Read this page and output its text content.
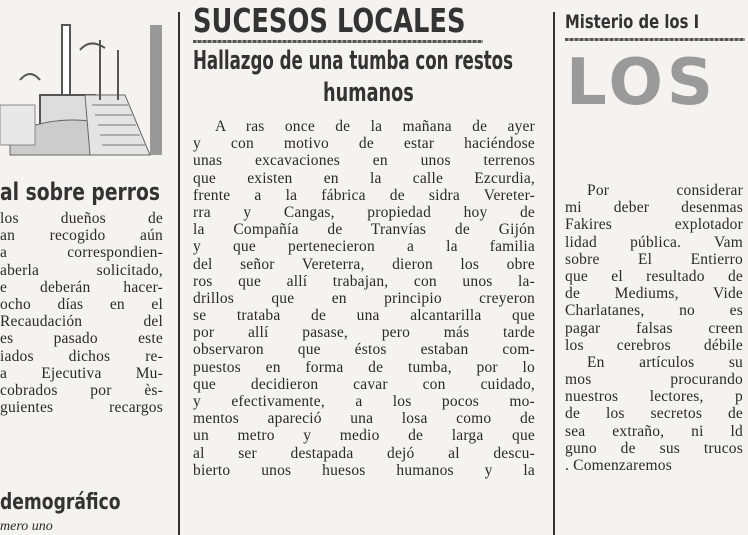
al sobre perros
los dueños de
an recogido aún
a correspondien-
aberla solicitado,
e deberán hacer-
ocho días en el
Recaudación del
es pasado este
iados dichos re-
a Ejecutiva Mu-
cobrados por ès-
guientes recargos
demográfico
mero uno
SUCESOS LOCALES
Hallazgo de una tumba con restos
humanos
A ras once de la mañana de ayer
y con motivo de estar haciéndose
unas excavaciones en unos terrenos
que existen en la calle Ezcurdia,
frente a la fábrica de sidra Vereter-
rra y Cangas, propiedad hoy de
la Compañía de Tranvías de Gijón
y que pertenecieron a la familia
del señor Vereterra, dieron los obre
ros que allí trabajan, con unos la-
drillos que en principio creyeron
se trataba de una alcantarilla que
por allí pasase, pero más tarde
observaron que éstos estaban com-
puestos en forma de tumba, por lo
que decidieron cavar con cuidado,
y efectivamente, a los pocos mo-
mentos apareció una losa como de
un metro y medio de larga que
al ser destapada dejó al descu-
bierto unos huesos humanos y la
Misterio de los I
LOS
Por considerar
mi deber desenmas
Fakires explotador
lidad pública. Vam
sobre El Entierro
que el resultado de
de Mediums, Vide
Charlatanes, no es
pagar falsas creen
los cerebros débile
En artículos su
mos procurando
nuestros lectores, p
de los secretos de
sea extraño, ni ld
guno de sus trucos
. Comenzaremos
